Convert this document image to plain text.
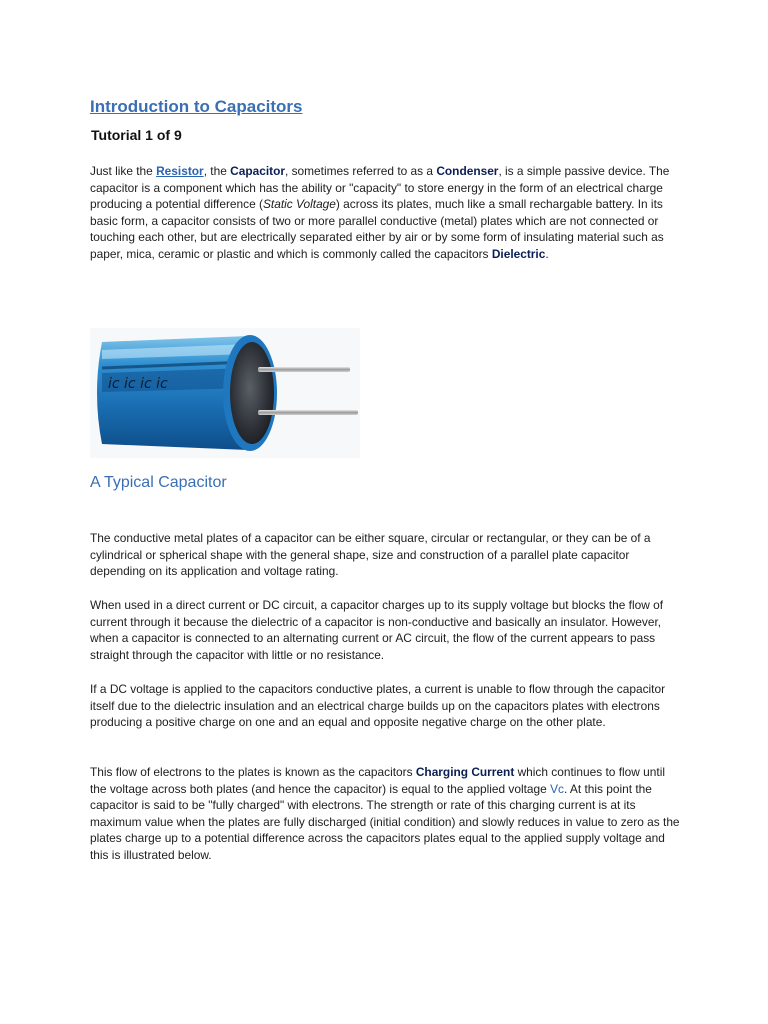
Introduction to Capacitors
Tutorial 1 of 9

Just like the Resistor, the Capacitor, sometimes referred to as a Condenser, is a simple passive device. The capacitor is a component which has the ability or "capacity" to store energy in the form of an electrical charge producing a potential difference (Static Voltage) across its plates, much like a small rechargable battery. In its basic form, a capacitor consists of two or more parallel conductive (metal) plates which are not connected or touching each other, but are electrically separated either by air or by some form of insulating material such as paper, mica, ceramic or plastic and which is commonly called the capacitors Dielectric.

ic ic ic ic
A Typical Capacitor

The conductive metal plates of a capacitor can be either square, circular or rectangular, or they can be of a cylindrical or spherical shape with the general shape, size and construction of a parallel plate capacitor depending on its application and voltage rating.

When used in a direct current or DC circuit, a capacitor charges up to its supply voltage but blocks the flow of current through it because the dielectric of a capacitor is non-conductive and basically an insulator. However, when a capacitor is connected to an alternating current or AC circuit, the flow of the current appears to pass straight through the capacitor with little or no resistance.

If a DC voltage is applied to the capacitors conductive plates, a current is unable to flow through the capacitor itself due to the dielectric insulation and an electrical charge builds up on the capacitors plates with electrons producing a positive charge on one and an equal and opposite negative charge on the other plate.

This flow of electrons to the plates is known as the capacitors Charging Current which continues to flow until the voltage across both plates (and hence the capacitor) is equal to the applied voltage Vc. At this point the capacitor is said to be "fully charged" with electrons. The strength or rate of this charging current is at its maximum value when the plates are fully discharged (initial condition) and slowly reduces in value to zero as the plates charge up to a potential difference across the capacitors plates equal to the applied supply voltage and this is illustrated below.
